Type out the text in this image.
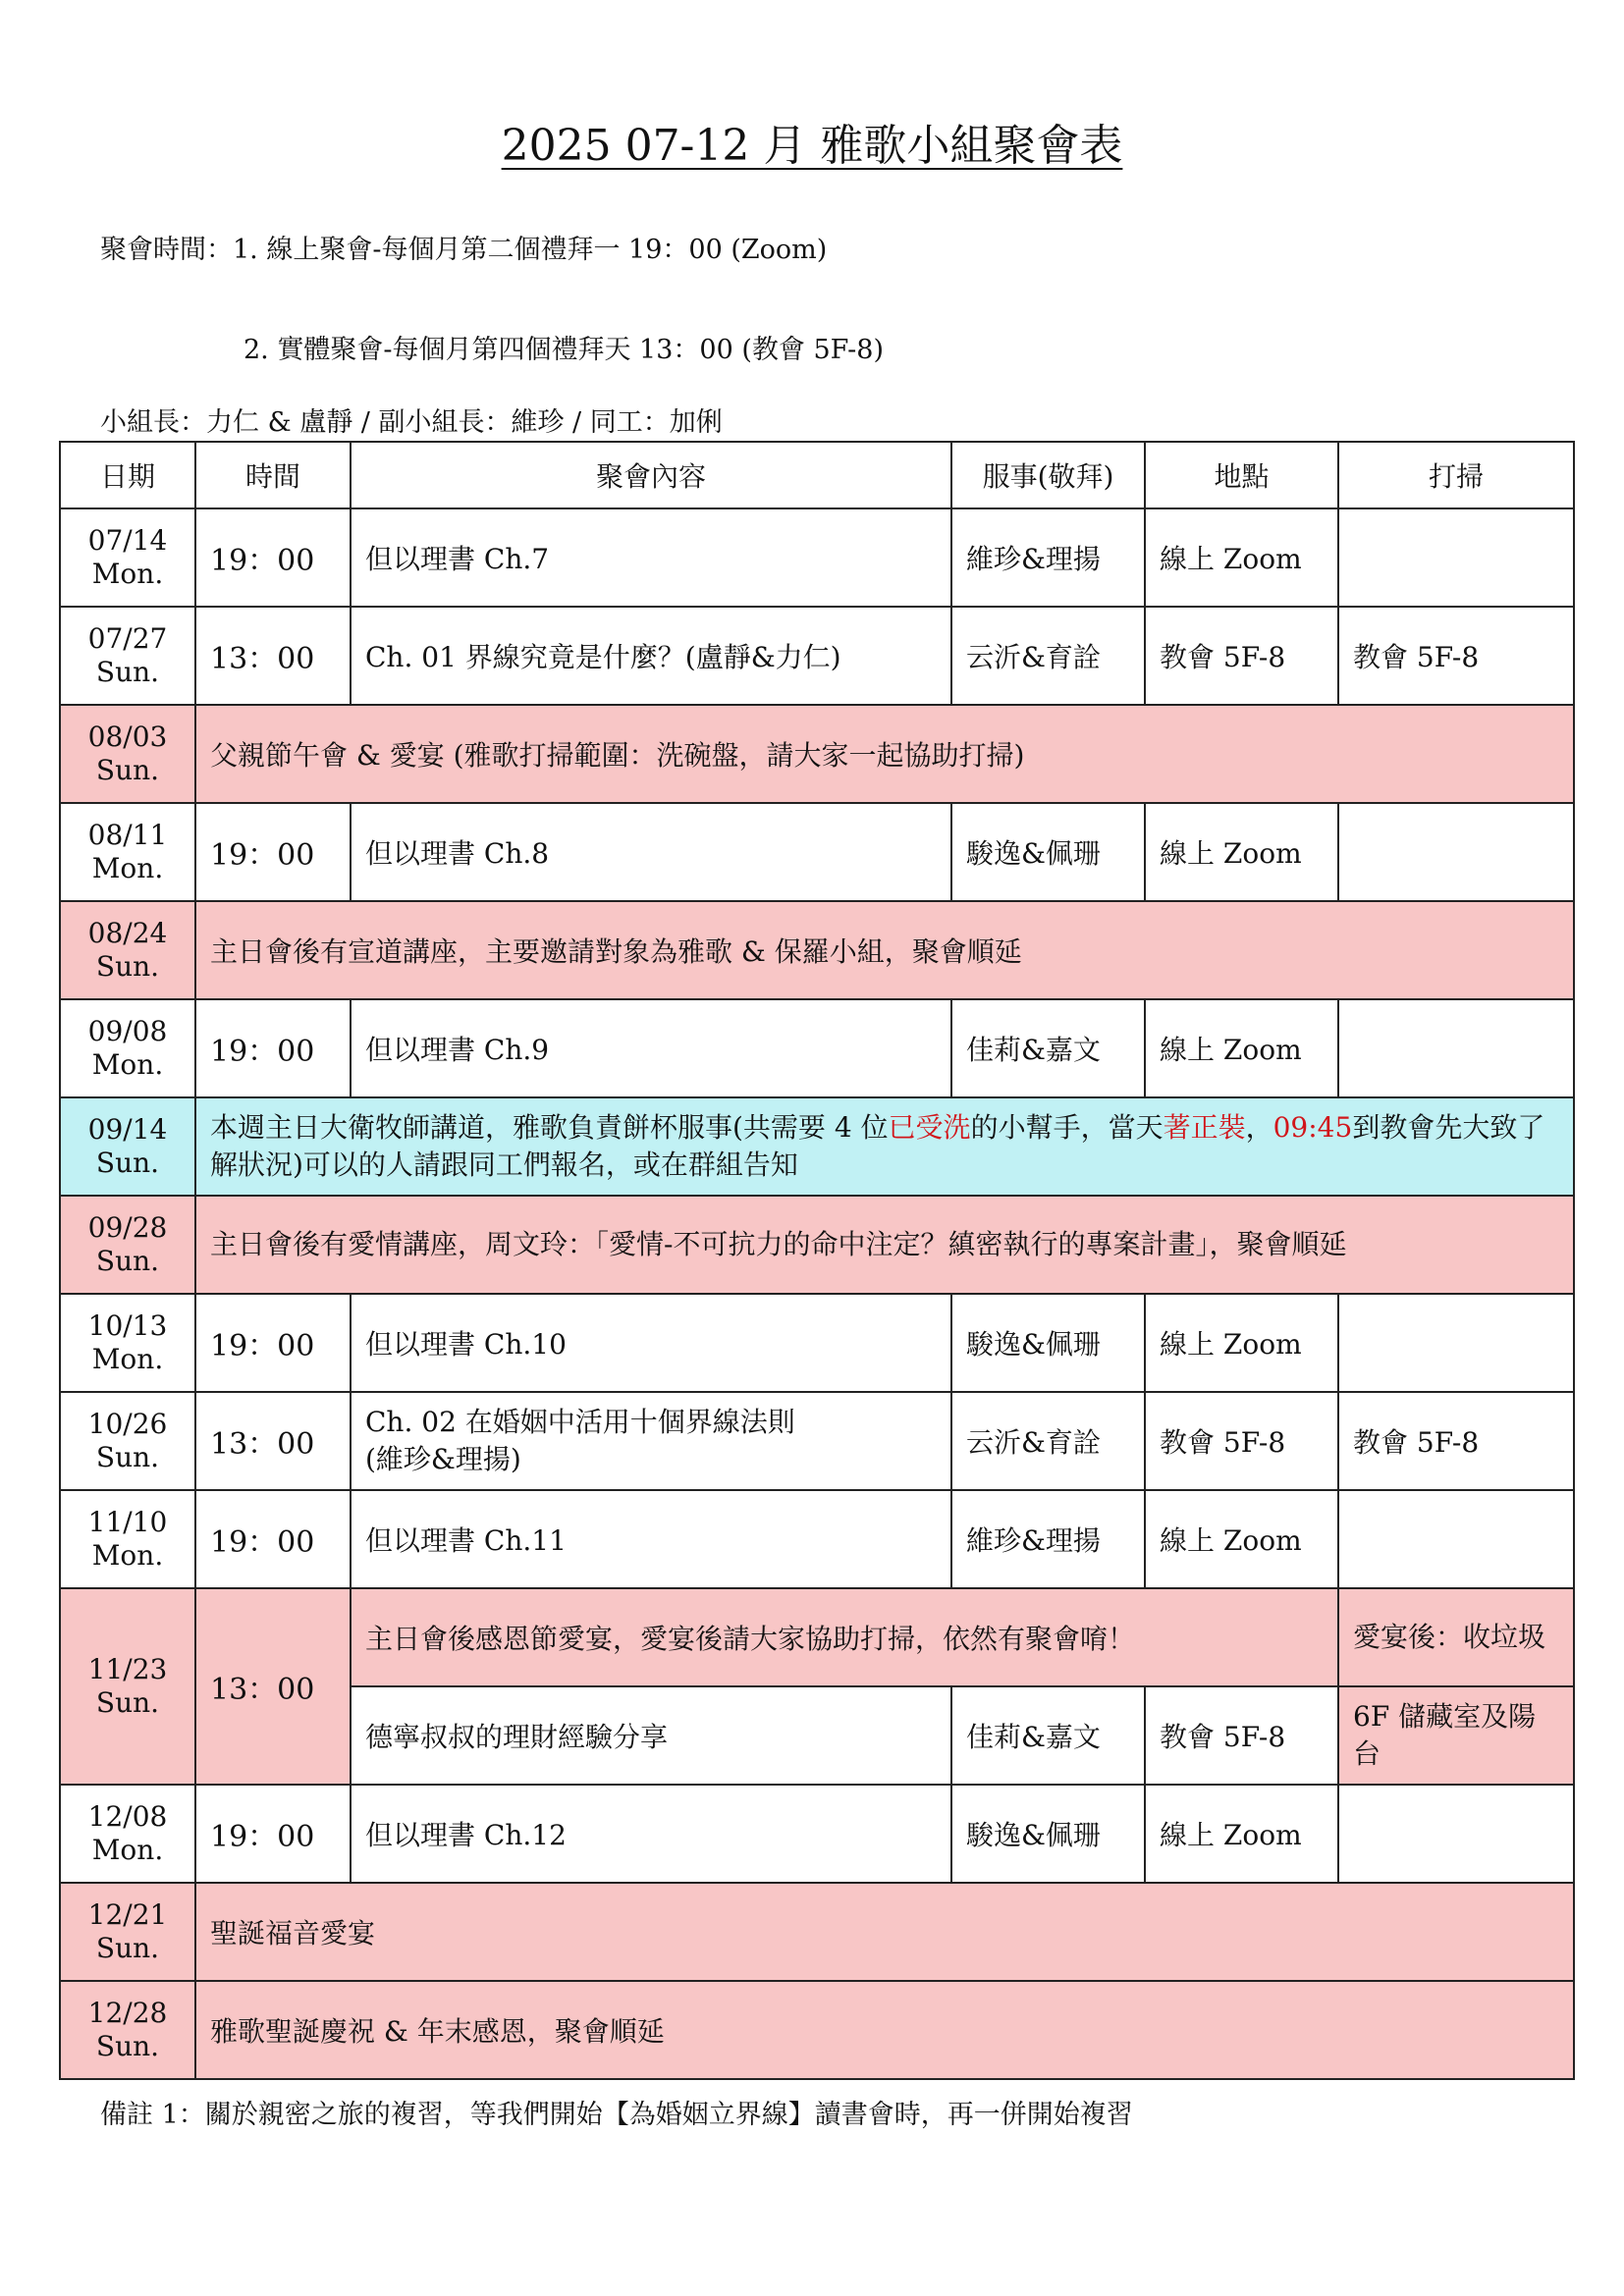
2025 07-12 月 雅歌小組聚會表
聚會時間：1. 線上聚會-每個月第二個禮拜一 19：00 (Zoom)
2. 實體聚會-每個月第四個禮拜天 13：00 (教會 5F-8)
小組長：力仁 & 盧靜 / 副小組長：維珍 / 同工：加俐
日期	時間	聚會內容	服事(敬拜)	地點	打掃
07/14
Mon.	19：00	但以理書 Ch.7	維珍&理揚	線上 Zoom	
07/27
Sun.	13：00	Ch. 01 界線究竟是什麼？(盧靜&力仁)	云沂&育詮	教會 5F-8	教會 5F-8
08/03
Sun.	父親節午會 & 愛宴 (雅歌打掃範圍：洗碗盤，請大家一起協助打掃)				
08/11
Mon.	19：00	但以理書 Ch.8	駿逸&佩珊	線上 Zoom	
08/24
Sun.	主日會後有宣道講座，主要邀請對象為雅歌 & 保羅小組，聚會順延				
09/08
Mon.	19：00	但以理書 Ch.9	佳莉&嘉文	線上 Zoom	
09/14
Sun.	本週主日大衛牧師講道，雅歌負責餅杯服事(共需要 4 位已受洗的小幫手，當天著正裝，09:45到教會先大致了解狀況)可以的人請跟同工們報名，或在群組告知				
09/28
Sun.	主日會後有愛情講座，周文玲：「愛情-不可抗力的命中注定？縝密執行的專案計畫」，聚會順延				
10/13
Mon.	19：00	但以理書 Ch.10	駿逸&佩珊	線上 Zoom	
10/26
Sun.	13：00	Ch. 02 在婚姻中活用十個界線法則
(維珍&理揚)	云沂&育詮	教會 5F-8	教會 5F-8
11/10
Mon.	19：00	但以理書 Ch.11	維珍&理揚	線上 Zoom	
11/23
Sun.	13：00	主日會後感恩節愛宴，愛宴後請大家協助打掃，依然有聚會唷！			愛宴後：收垃圾
		德寧叔叔的理財經驗分享	佳莉&嘉文	教會 5F-8	6F 儲藏室及陽台
12/08
Mon.	19：00	但以理書 Ch.12	駿逸&佩珊	線上 Zoom	
12/21
Sun.	聖誕福音愛宴				
12/28
Sun.	雅歌聖誕慶祝 & 年末感恩，聚會順延				
備註 1：關於親密之旅的複習，等我們開始【為婚姻立界線】讀書會時，再一併開始複習
